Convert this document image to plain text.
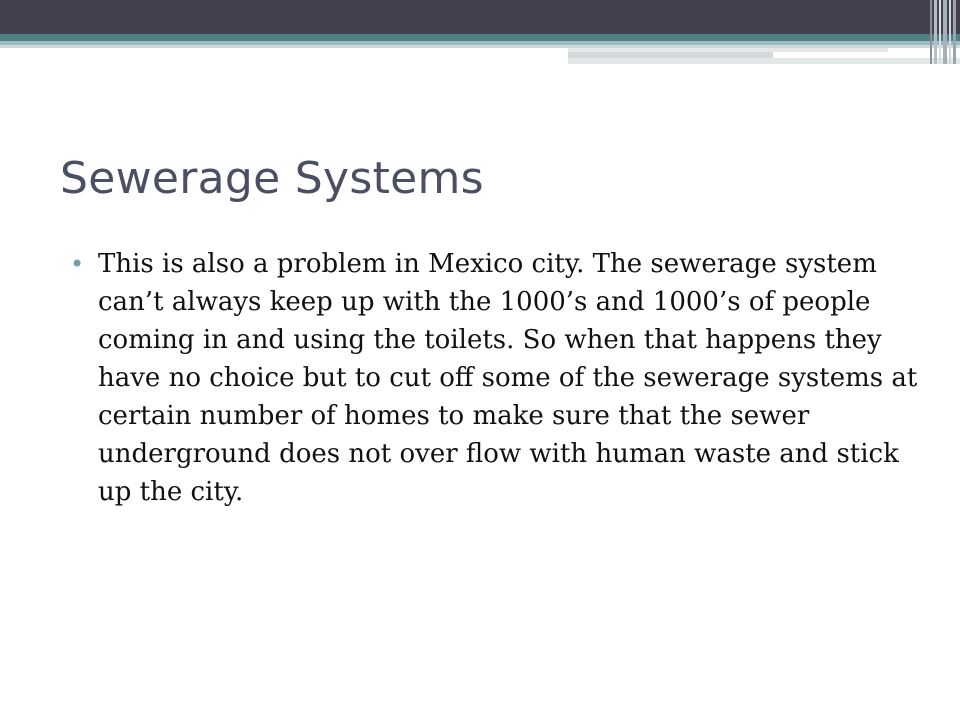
Sewerage Systems
• This is also a problem in Mexico city. The sewerage system can’t always keep up with the 1000’s and 1000’s of people coming in and using the toilets. So when that happens they have no choice but to cut off some of the sewerage systems at certain number of homes to make sure that the sewer underground does not over flow with human waste and stick up the city.
